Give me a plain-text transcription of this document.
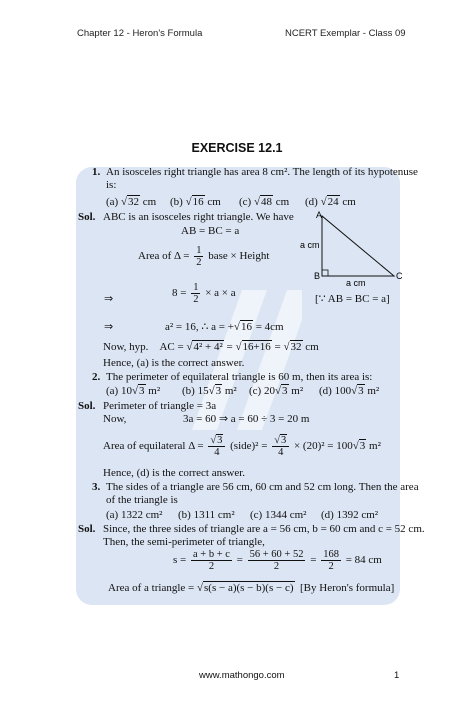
Chapter 12 - Heron's Formula	NCERT Exemplar - Class 09
EXERCISE 12.1
1. An isosceles right triangle has area 8 cm². The length of its hypotenuse
is:
(a) √32 cm (b) √16 cm (c) √48 cm (d) √24 cm
Sol. ABC is an isosceles right triangle. We have
AB = BC = a
Area of $\Delta = \frac{1}{2}$ base × Height
⇒	$8 = \frac{1}{2} \times a \times a$	[∵ AB = BC = a]
⇒	a² = 16, ∴ a = +√16 = 4cm
Now, hyp. AC = √4² + 4² = √16+16 = √32 cm
Hence, (a) is the correct answer.
A
B	C
a cm
a cm
2. The perimeter of equilateral triangle is 60 m, then its area is:
(a) 10√3 m² (b) 15√3 m² (c) 20√3 m² (d) 100√3 m²
Sol. Perimeter of triangle = 3a
Now,	3a = 60 ⇒ a = 60 ÷ 3 = 20 m
Area of equilateral $\Delta = \frac{√3}{4}$ (side)² = $\frac{√3}{4} \times (20)^2 = 100√3$ m²
Hence, (d) is the correct answer.
3. The sides of a triangle are 56 cm, 60 cm and 52 cm long. Then the area
of the triangle is
(a) 1322 cm² (b) 1311 cm² (c) 1344 cm² (d) 1392 cm²
Sol. Since, the three sides of triangle are a = 56 cm, b = 60 cm and c = 52 cm.
Then, the semi-perimeter of triangle,
$s = \frac{a + b + c}{2} = \frac{56 + 60 + 52}{2} = \frac{168}{2} = 84$ cm
Area of a triangle = √s(s − a)(s − b)(s − c) [By Heron's formula]
www.mathongo.com	1
